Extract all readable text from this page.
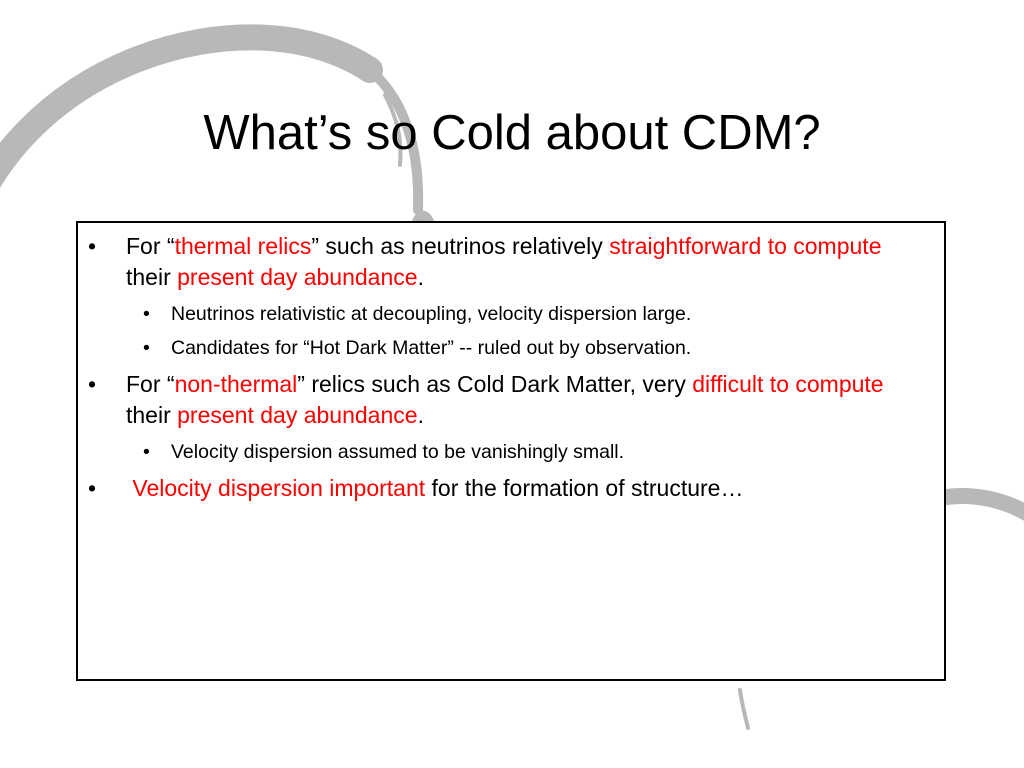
What’s so Cold about CDM?
• For “thermal relics” such as neutrinos relatively straightforward to compute their present day abundance.
• Neutrinos relativistic at decoupling, velocity dispersion large.
• Candidates for “Hot Dark Matter” -- ruled out by observation.
• For “non-thermal” relics such as Cold Dark Matter, very difficult to compute their present day abundance.
• Velocity dispersion assumed to be vanishingly small.
• Velocity dispersion important for the formation of structure…
